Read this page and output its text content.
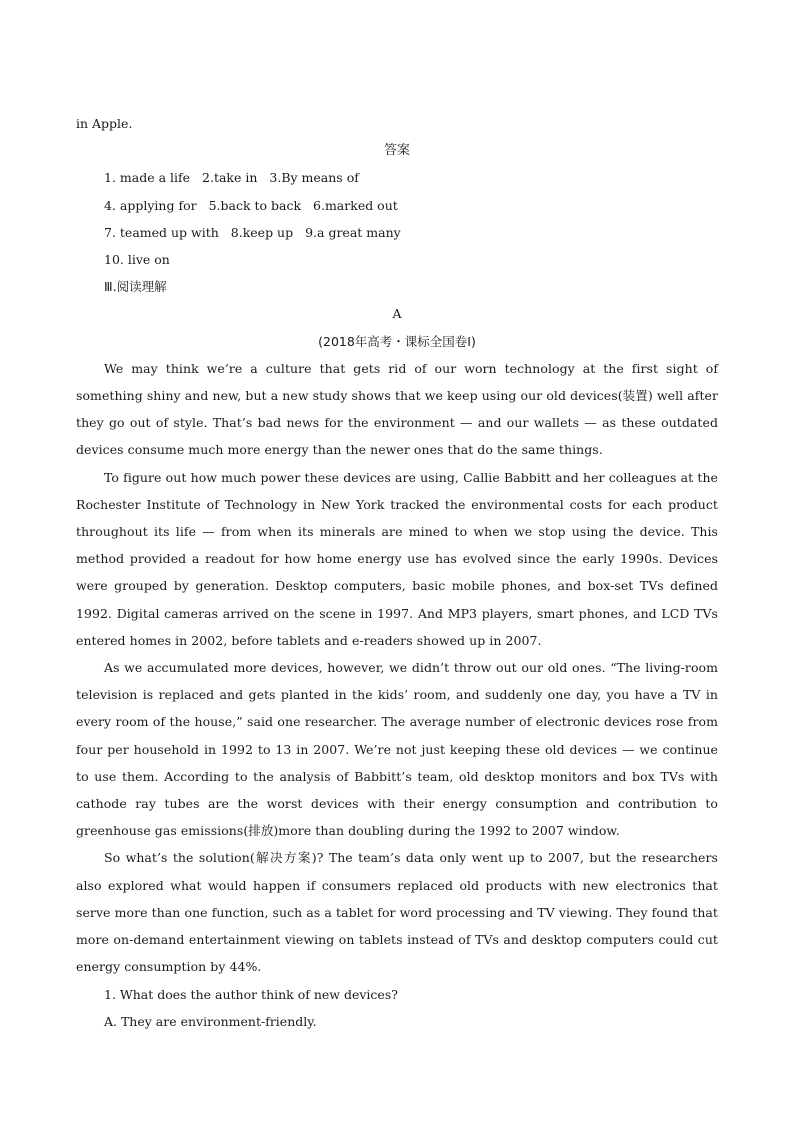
in Apple.

答案

1. made a life 2.take in 3.By means of

4. applying for 5.back to back 6.marked out

7. teamed up with 8.keep up 9.a great many

10. live on

Ⅲ.阅读理解

A

(2018年高考・课标全国卷Ⅰ)

We may think we’re a culture that gets rid of our worn technology at the first sight of something shiny and new, but a new study shows that we keep using our old devices(装置) well after they go out of style. That’s bad news for the environment — and our wallets — as these outdated devices consume much more energy than the newer ones that do the same things.

To figure out how much power these devices are using, Callie Babbitt and her colleagues at the Rochester Institute of Technology in New York tracked the environmental costs for each product throughout its life — from when its minerals are mined to when we stop using the device. This method provided a readout for how home energy use has evolved since the early 1990s. Devices were grouped by generation. Desktop computers, basic mobile phones, and box-set TVs defined 1992. Digital cameras arrived on the scene in 1997. And MP3 players, smart phones, and LCD TVs entered homes in 2002, before tablets and e-readers showed up in 2007.

As we accumulated more devices, however, we didn’t throw out our old ones. “The living-room television is replaced and gets planted in the kids’ room, and suddenly one day, you have a TV in every room of the house,” said one researcher. The average number of electronic devices rose from four per household in 1992 to 13 in 2007. We’re not just keeping these old devices — we continue to use them. According to the analysis of Babbitt’s team, old desktop monitors and box TVs with cathode ray tubes are the worst devices with their energy consumption and contribution to greenhouse gas emissions(排放)more than doubling during the 1992 to 2007 window.

So what’s the solution(解决方案)? The team’s data only went up to 2007, but the researchers also explored what would happen if consumers replaced old products with new electronics that serve more than one function, such as a tablet for word processing and TV viewing. They found that more on-demand entertainment viewing on tablets instead of TVs and desktop computers could cut energy consumption by 44%.

1. What does the author think of new devices?

A. They are environment-friendly.
